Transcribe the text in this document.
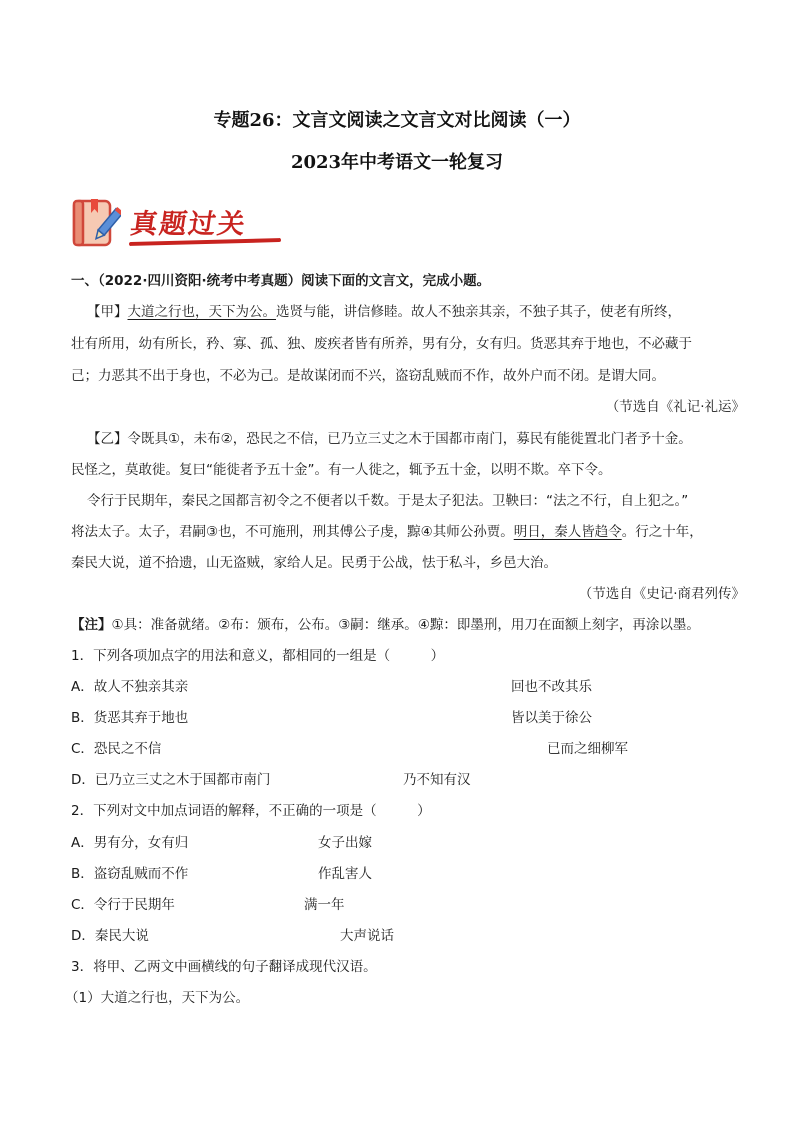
专题26：文言文阅读之文言文对比阅读（一）
2023年中考语文一轮复习
真题过关
一、（2022·四川资阳·统考中考真题）阅读下面的文言文，完成小题。
【甲】大道之行也，天下为公。选贤与能，讲信修睦。故人不独亲其亲，不独子其子，使老有所终，
壮有所用，幼有所长，矜、寡、孤、独、废疾者皆有所养，男有分，女有归。货恶其弃于地也，不必藏于
己；力恶其不出于身也，不必为己。是故谋闭而不兴，盗窃乱贼而不作，故外户而不闭。是谓大同。
（节选自《礼记·礼运》
【乙】令既具①，未布②，恐民之不信，已乃立三丈之木于国都市南门，募民有能徙置北门者予十金。
民怪之，莫敢徙。复曰“能徙者予五十金”。有一人徙之，辄予五十金，以明不欺。卒下令。
令行于民期年，秦民之国都言初令之不便者以千数。于是太子犯法。卫鞅曰：“法之不行，自上犯之。”
将法太子。太子，君嗣③也，不可施刑，刑其傅公子虔，黥④其师公孙贾。明日，秦人皆趋令。行之十年，
秦民大说，道不拾遗，山无盗贼，家给人足。民勇于公战，怯于私斗，乡邑大治。
（节选自《史记·商君列传》
【注】①具：准备就绪。②布：颁布，公布。③嗣：继承。④黥：即墨刑，用刀在面额上刻字，再涂以墨。
1．下列各项加点字的用法和意义，都相同的一组是（　　　）
A．故人不独亲其亲	回也不改其乐
B．货恶其弃于地也	皆以美于徐公
C．恐民之不信	已而之细柳军
D．已乃立三丈之木于国都市南门	乃不知有汉
2．下列对文中加点词语的解释，不正确的一项是（　　　）
A．男有分，女有归	女子出嫁
B．盗窃乱贼而不作	作乱害人
C．令行于民期年	满一年
D．秦民大说	大声说话
3．将甲、乙两文中画横线的句子翻译成现代汉语。
（1）大道之行也，天下为公。
